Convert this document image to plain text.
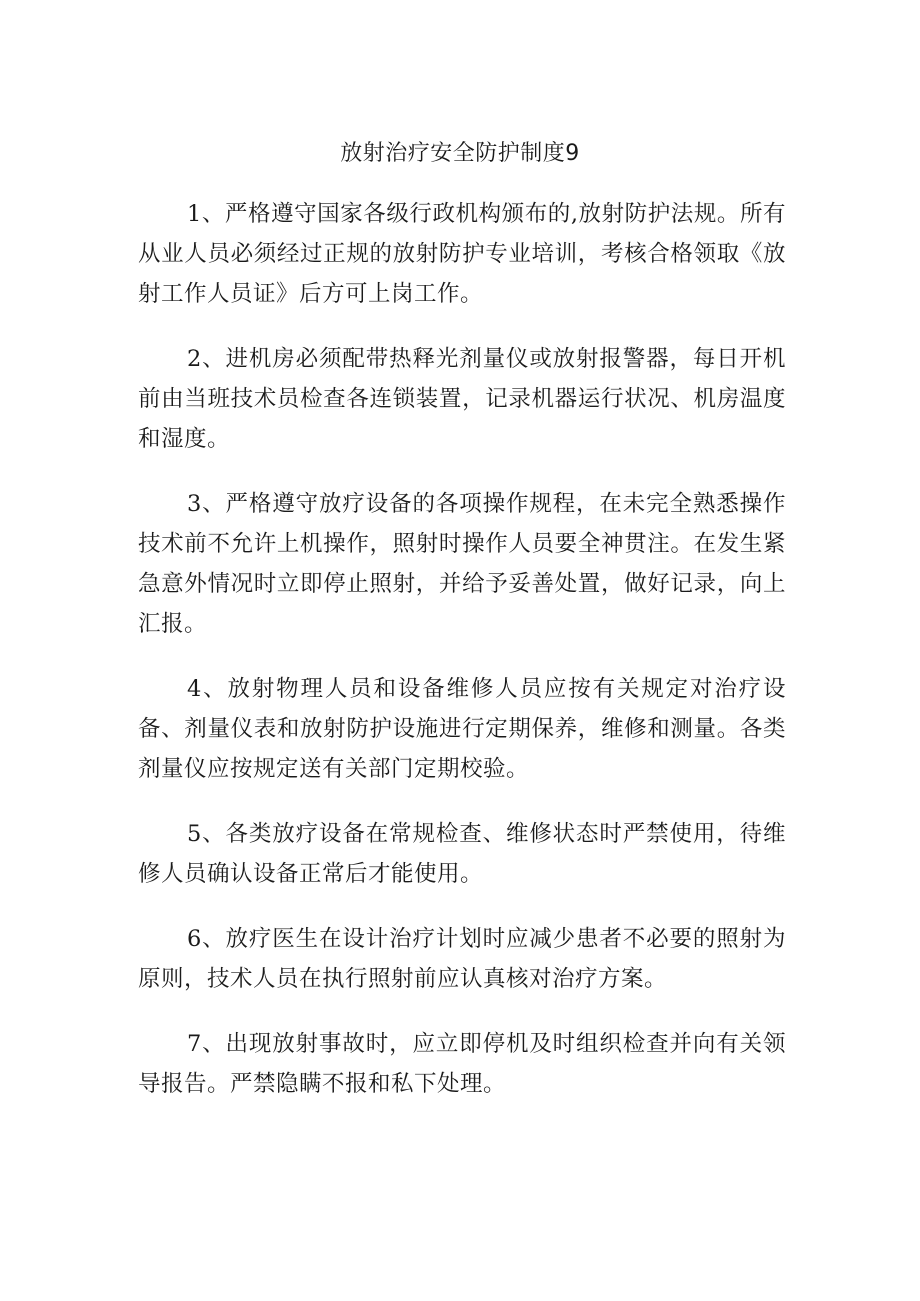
放射治疗安全防护制度9

1、严格遵守国家各级行政机构颁布的,放射防护法规。所有从业人员必须经过正规的放射防护专业培训，考核合格领取《放射工作人员证》后方可上岗工作。

2、进机房必须配带热释光剂量仪或放射报警器，每日开机前由当班技术员检查各连锁装置，记录机器运行状况、机房温度和湿度。

3、严格遵守放疗设备的各项操作规程，在未完全熟悉操作技术前不允许上机操作，照射时操作人员要全神贯注。在发生紧急意外情况时立即停止照射，并给予妥善处置，做好记录，向上汇报。

4、放射物理人员和设备维修人员应按有关规定对治疗设备、剂量仪表和放射防护设施进行定期保养，维修和测量。各类剂量仪应按规定送有关部门定期校验。

5、各类放疗设备在常规检查、维修状态时严禁使用，待维修人员确认设备正常后才能使用。

6、放疗医生在设计治疗计划时应减少患者不必要的照射为原则，技术人员在执行照射前应认真核对治疗方案。

7、出现放射事故时，应立即停机及时组织检查并向有关领导报告。严禁隐瞒不报和私下处理。
